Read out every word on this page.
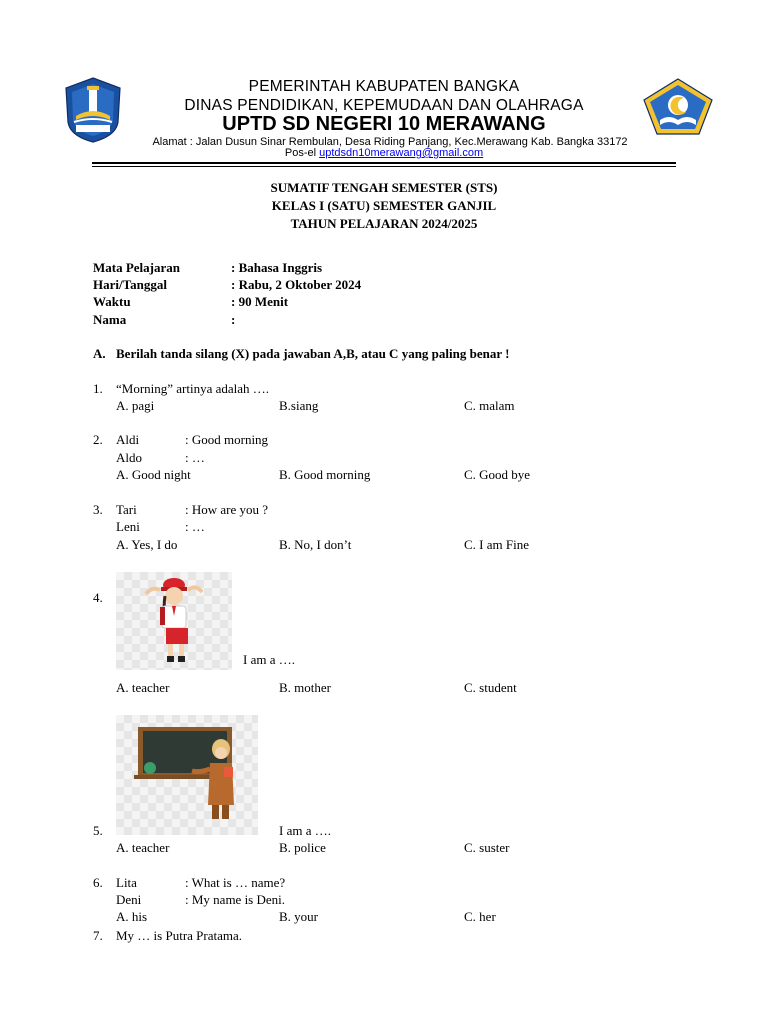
PEMERINTAH KABUPATEN BANGKA
DINAS PENDIDIKAN, KEPEMUDAAN DAN OLAHRAGA
UPTD SD NEGERI 10 MERAWANG
Alamat : Jalan Dusun Sinar Rembulan, Desa Riding Panjang, Kec.Merawang Kab. Bangka 33172
Pos-el uptdsdn10merawang@gmail.com
SUMATIF TENGAH SEMESTER (STS)
KELAS I (SATU) SEMESTER GANJIL
TAHUN PELAJARAN 2024/2025
Mata Pelajaran	: Bahasa Inggris
Hari/Tanggal	: Rabu, 2 Oktober 2024
Waktu	: 90 Menit
Nama	:
A. Berilah tanda silang (X) pada jawaban A,B, atau C yang paling benar !
1. “Morning” artinya adalah ….
A. pagi	B.siang	C. malam
2. Aldi	: Good morning
Aldo	: …
A. Good night	B. Good morning	C. Good bye
3. Tari	: How are you ?
Leni	: …
A. Yes, I do	B. No, I don’t	C. I am Fine
4.
I am a ….
A. teacher	B. mother	C. student
5.	I am a ….
A. teacher	B. police	C. suster
6. Lita	: What is … name?
Deni	: My name is Deni.
A. his	B. your	C. her
7. My … is Putra Pratama.
